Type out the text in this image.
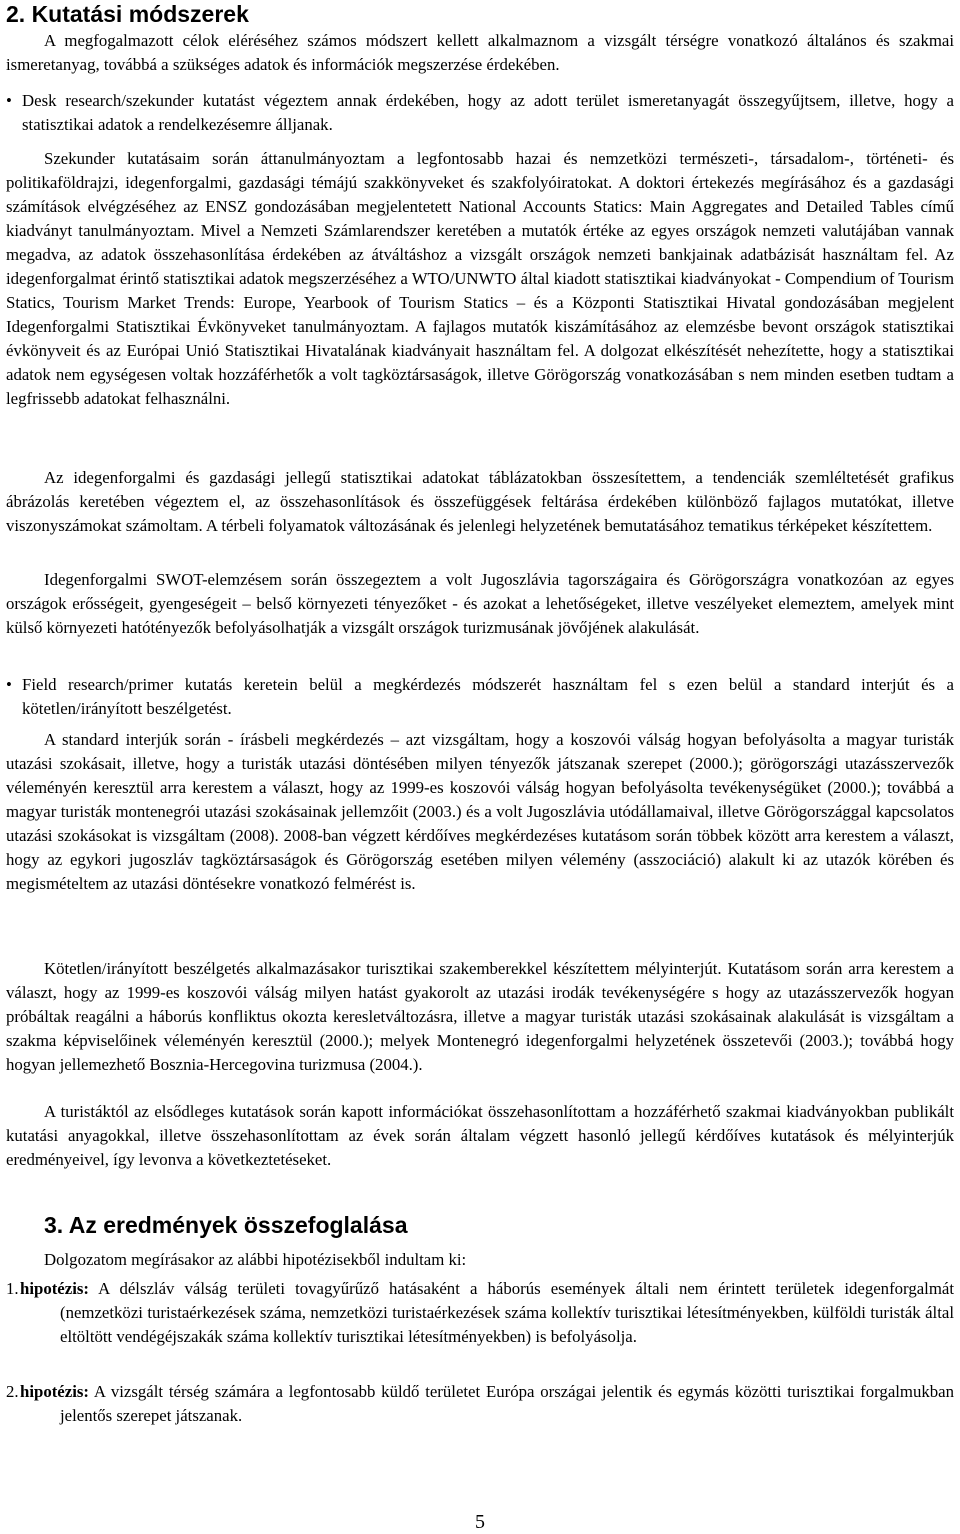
2. Kutatási módszerek

A megfogalmazott célok eléréséhez számos módszert kellett alkalmaznom a vizsgált térségre vonatkozó általános és szakmai ismeretanyag, továbbá a szükséges adatok és információk megszerzése érdekében.

• Desk research/szekunder kutatást végeztem annak érdekében, hogy az adott terület ismeretanyagát összegyűjtsem, illetve, hogy a statisztikai adatok a rendelkezésemre álljanak.

Szekunder kutatásaim során áttanulmányoztam a legfontosabb hazai és nemzetközi természeti-, társadalom-, történeti- és politikaföldrajzi, idegenforgalmi, gazdasági témájú szakkönyveket és szakfolyóiratokat. A doktori értekezés megírásához és a gazdasági számítások elvégzéséhez az ENSZ gondozásában megjelentetett National Accounts Statics: Main Aggregates and Detailed Tables című kiadványt tanulmányoztam. Mivel a Nemzeti Számlarendszer keretében a mutatók értéke az egyes országok nemzeti valutájában vannak megadva, az adatok összehasonlítása érdekében az átváltáshoz a vizsgált országok nemzeti bankjainak adatbázisát használtam fel. Az idegenforgalmat érintő statisztikai adatok megszerzéséhez a WTO/UNWTO által kiadott statisztikai kiadványokat - Compendium of Tourism Statics, Tourism Market Trends: Europe, Yearbook of Tourism Statics – és a Központi Statisztikai Hivatal gondozásában megjelent Idegenforgalmi Statisztikai Évkönyveket tanulmányoztam. A fajlagos mutatók kiszámításához az elemzésbe bevont országok statisztikai évkönyveit és az Európai Unió Statisztikai Hivatalának kiadványait használtam fel. A dolgozat elkészítését nehezítette, hogy a statisztikai adatok nem egységesen voltak hozzáférhetők a volt tagköztársaságok, illetve Görögország vonatkozásában s nem minden esetben tudtam a legfrissebb adatokat felhasználni.

Az idegenforgalmi és gazdasági jellegű statisztikai adatokat táblázatokban összesítettem, a tendenciák szemléltetését grafikus ábrázolás keretében végeztem el, az összehasonlítások és összefüggések feltárása érdekében különböző fajlagos mutatókat, illetve viszonyszámokat számoltam. A térbeli folyamatok változásának és jelenlegi helyzetének bemutatásához tematikus térképeket készítettem.

Idegenforgalmi SWOT-elemzésem során összegeztem a volt Jugoszlávia tagországaira és Görögországra vonatkozóan az egyes országok erősségeit, gyengeségeit – belső környezeti tényezőket - és azokat a lehetőségeket, illetve veszélyeket elemeztem, amelyek mint külső környezeti hatótényezők befolyásolhatják a vizsgált országok turizmusának jövőjének alakulását.

• Field research/primer kutatás keretein belül a megkérdezés módszerét használtam fel s ezen belül a standard interjút és a kötetlen/irányított beszélgetést.

A standard interjúk során - írásbeli megkérdezés – azt vizsgáltam, hogy a koszovói válság hogyan befolyásolta a magyar turisták utazási szokásait, illetve, hogy a turisták utazási döntésében milyen tényezők játszanak szerepet (2000.); görögországi utazásszervezők véleményén keresztül arra kerestem a választ, hogy az 1999-es koszovói válság hogyan befolyásolta tevékenységüket (2000.); továbbá a magyar turisták montenegrói utazási szokásainak jellemzőit (2003.) és a volt Jugoszlávia utódállamaival, illetve Görögországgal kapcsolatos utazási szokásokat is vizsgáltam (2008). 2008-ban végzett kérdőíves megkérdezéses kutatásom során többek között arra kerestem a választ, hogy az egykori jugoszláv tagköztársaságok és Görögország esetében milyen vélemény (asszociáció) alakult ki az utazók körében és megismételtem az utazási döntésekre vonatkozó felmérést is.

Kötetlen/irányított beszélgetés alkalmazásakor turisztikai szakemberekkel készítettem mélyinterjút. Kutatásom során arra kerestem a választ, hogy az 1999-es koszovói válság milyen hatást gyakorolt az utazási irodák tevékenységére s hogy az utazásszervezők hogyan próbáltak reagálni a háborús konfliktus okozta keresletváltozásra, illetve a magyar turisták utazási szokásainak alakulását is vizsgáltam a szakma képviselőinek véleményén keresztül (2000.); melyek Montenegró idegenforgalmi helyzetének összetevői (2003.); továbbá hogy hogyan jellemezhető Bosznia-Hercegovina turizmusa (2004.).

A turistáktól az elsődleges kutatások során kapott információkat összehasonlítottam a hozzáférhető szakmai kiadványokban publikált kutatási anyagokkal, illetve összehasonlítottam az évek során általam végzett hasonló jellegű kérdőíves kutatások és mélyinterjúk eredményeivel, így levonva a következtetéseket.

3. Az eredmények összefoglalása

Dolgozatom megírásakor az alábbi hipotézisekből indultam ki:

1. hipotézis: A délszláv válság területi tovagyűrűző hatásaként a háborús események általi nem érintett területek idegenforgalmát (nemzetközi turistaérkezések száma, nemzetközi turistaérkezések száma kollektív turisztikai létesítményekben, külföldi turisták által eltöltött vendégéjszakák száma kollektív turisztikai létesítményekben) is befolyásolja.
2. hipotézis: A vizsgált térség számára a legfontosabb küldő területet Európa országai jelentik és egymás közötti turisztikai forgalmukban jelentős szerepet játszanak.
5
